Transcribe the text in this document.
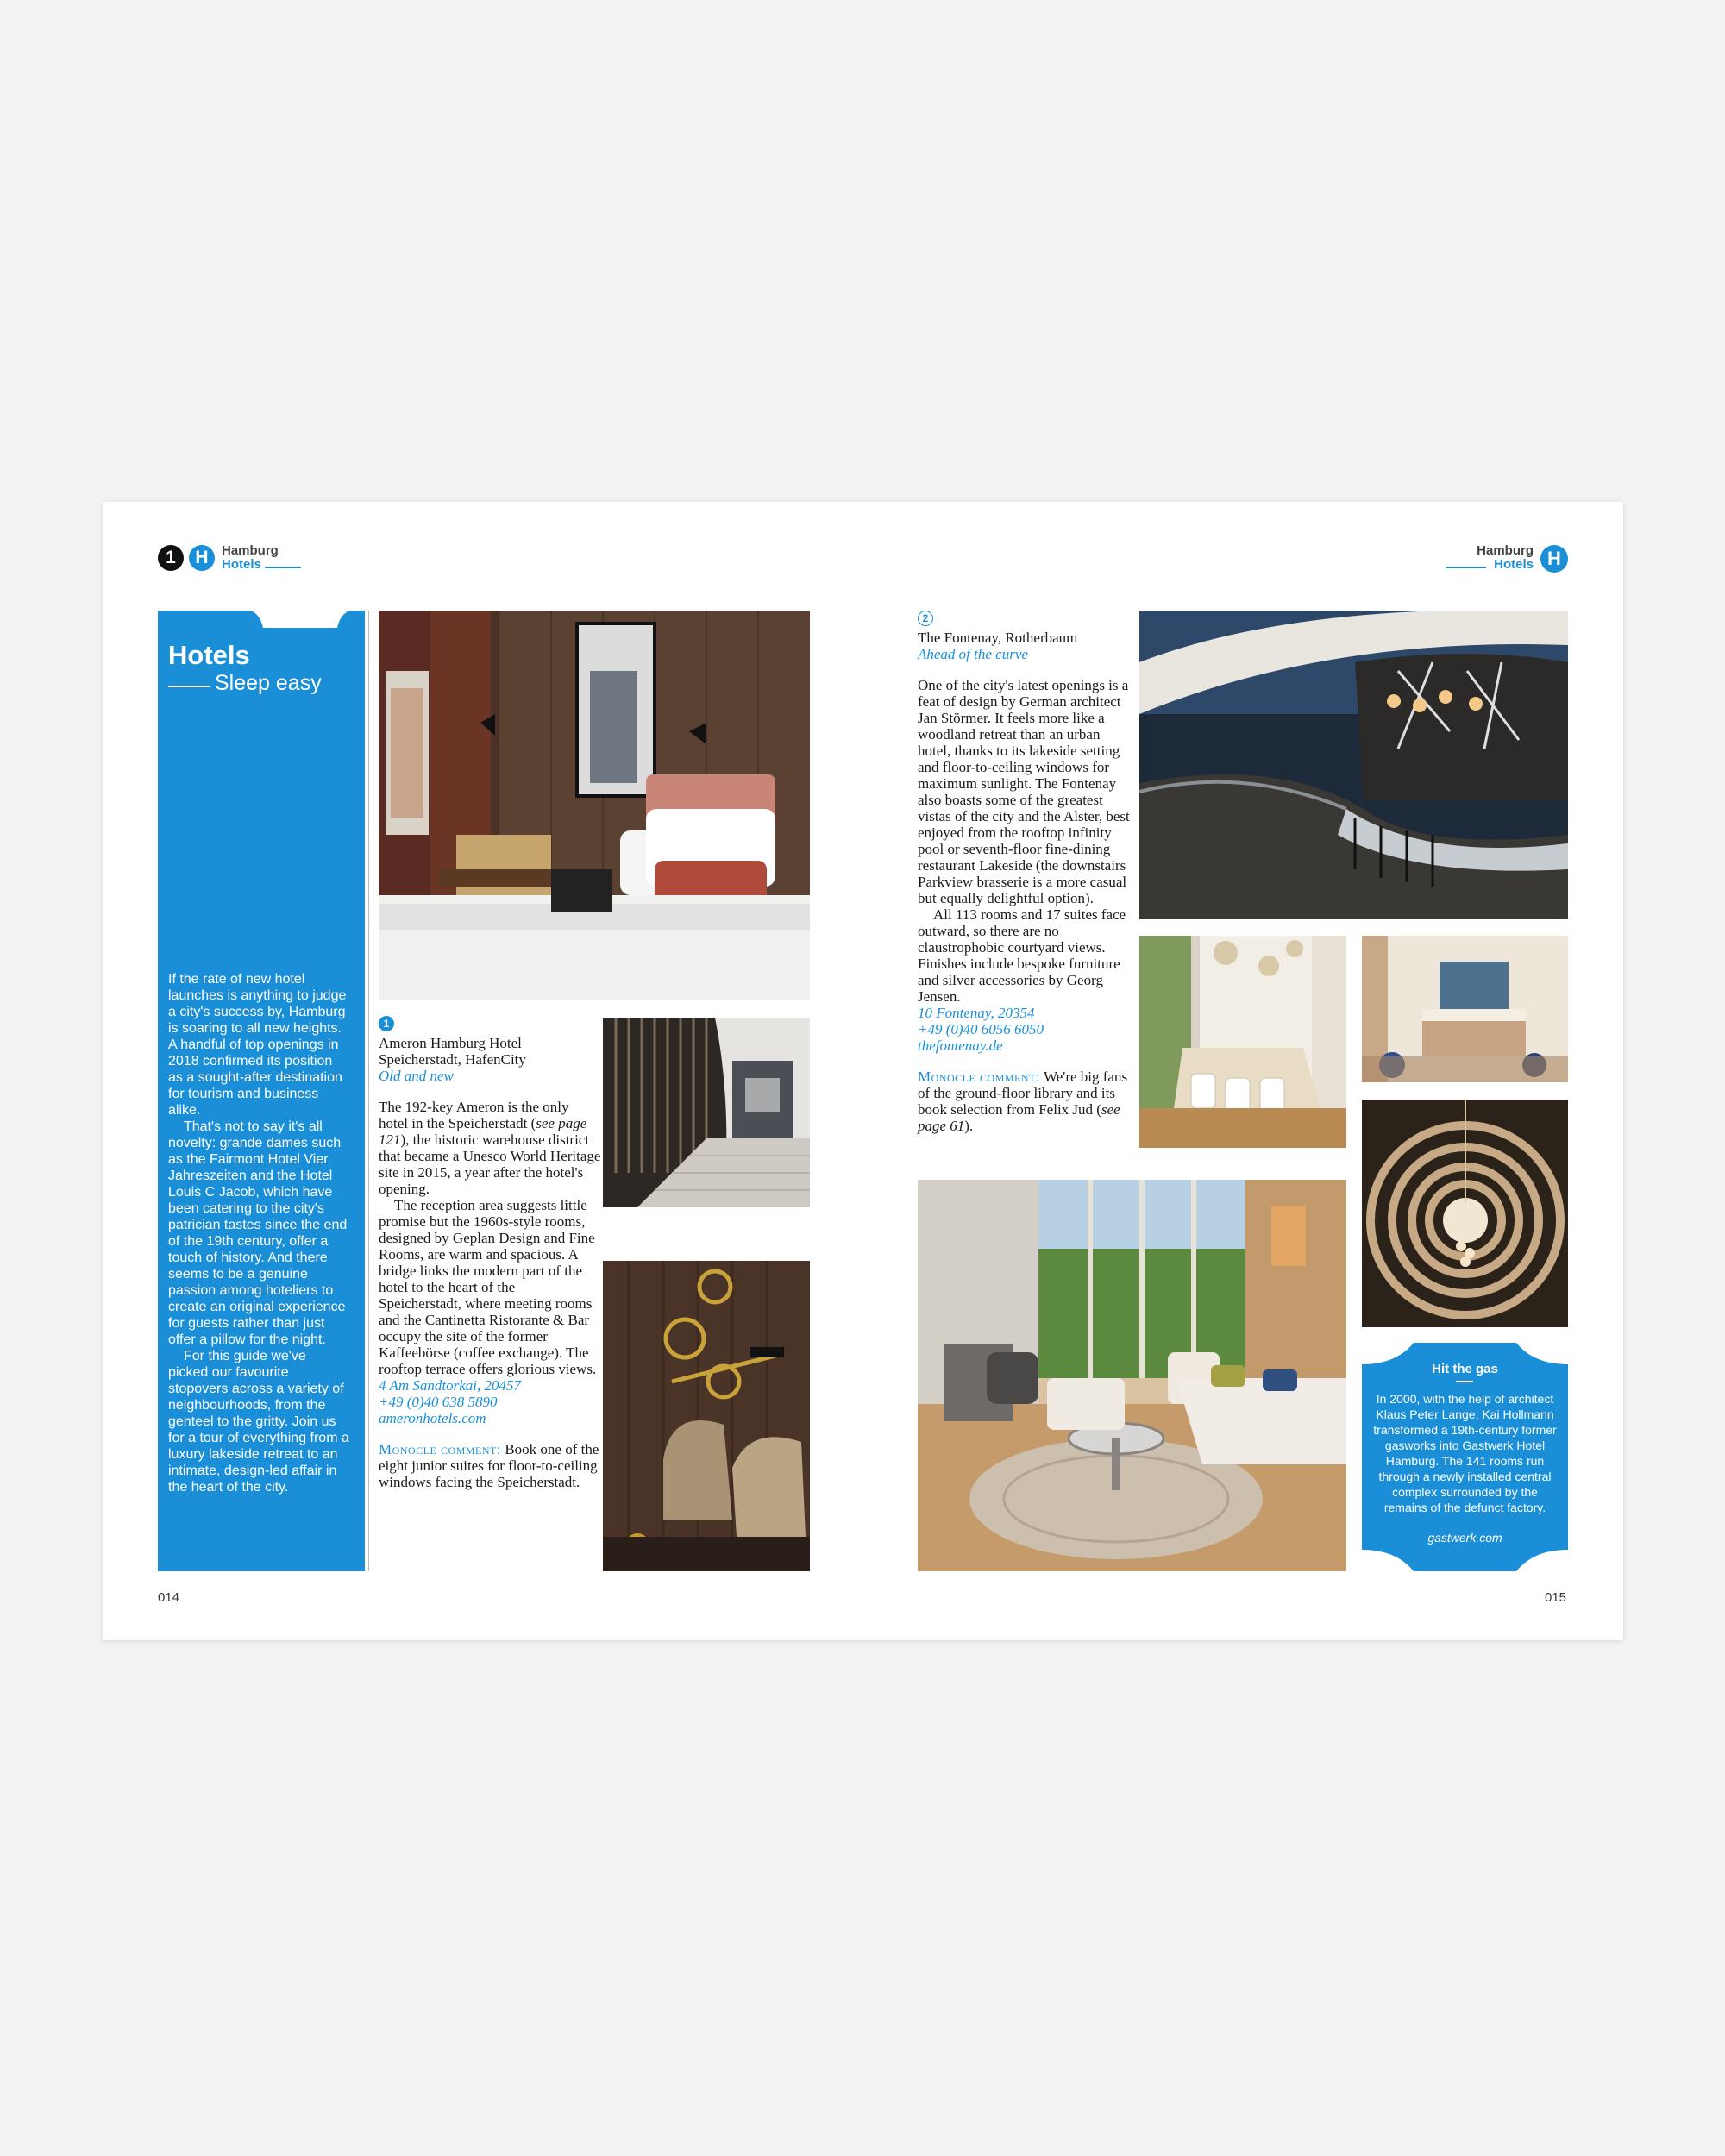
1	H	Hamburg
Hotels
Hamburg
Hotels H
Hotels
Sleep easy
If the rate of new hotel launches is anything to judge a city's success by, Hamburg is soaring to all new heights. A handful of top openings in 2018 confirmed its position as a sought-after destination for tourism and business alike.
That's not to say it's all novelty: grande dames such as the Fairmont Hotel Vier Jahreszeiten and the Hotel Louis C Jacob, which have been catering to the city's patrician tastes since the end of the 19th century, offer a touch of history. And there seems to be a genuine passion among hoteliers to create an original experience for guests rather than just offer a pillow for the night.
For this guide we've picked our favourite stopovers across a variety of neighbourhoods, from the genteel to the gritty. Join us for a tour of everything from a luxury lakeside retreat to an intimate, design-led affair in the heart of the city.
1
Ameron Hamburg Hotel
Speicherstadt, HafenCity
Old and new

The 192-key Ameron is the only hotel in the Speicherstadt (see page 121), the historic warehouse district that became a Unesco World Heritage site in 2015, a year after the hotel's opening.

The reception area suggests little promise but the 1960s-style rooms, designed by Geplan Design and Fine Rooms, are warm and spacious. A bridge links the modern part of the hotel to the heart of the Speicherstadt, where meeting rooms and the Cantinetta Ristorante & Bar occupy the site of the former Kaffeebörse (coffee exchange). The rooftop terrace offers glorious views.

4 Am Sandtorkai, 20457
+49 (0)40 638 5890
ameronhotels.com
Monocle comment: Book one of the eight junior suites for floor-to-ceiling windows facing the Speicherstadt.
2
The Fontenay, Rotherbaum
Ahead of the curve

One of the city's latest openings is a feat of design by German architect Jan Störmer. It feels more like a woodland retreat than an urban hotel, thanks to its lakeside setting and floor-to-ceiling windows for maximum sunlight. The Fontenay also boasts some of the greatest vistas of the city and the Alster, best enjoyed from the rooftop infinity pool or seventh-floor fine-dining restaurant Lakeside (the downstairs Parkview brasserie is a more casual but equally delightful option).

All 113 rooms and 17 suites face outward, so there are no claustrophobic courtyard views. Finishes include bespoke furniture and silver accessories by Georg Jensen.

10 Fontenay, 20354
+49 (0)40 6056 6050
thefontenay.de
Monocle comment: We're big fans of the ground-floor library and its book selection from Felix Jud (see page 61).
Hit the gas
In 2000, with the help of architect Klaus Peter Lange, Kai Hollmann transformed a 19th-century former gasworks into Gastwerk Hotel Hamburg. The 141 rooms run through a newly installed central complex surrounded by the remains of the defunct factory.
gastwerk.com
014	015
